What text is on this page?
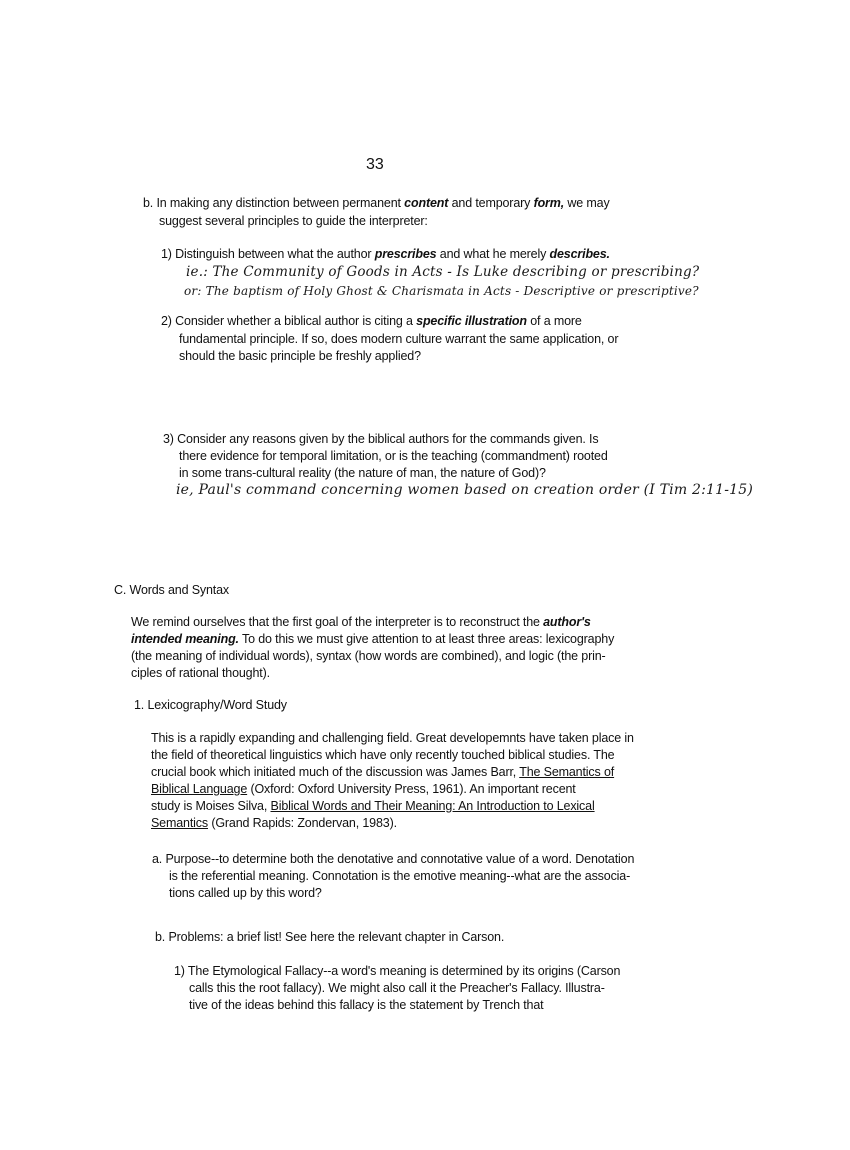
33
b. In making any distinction between permanent content and temporary form, we may
suggest several principles to guide the interpreter:
1) Distinguish between what the author prescribes and what he merely describes.
ie.: The Community of Goods in Acts - Is Luke describing or prescribing?
or: The baptism of Holy Ghost & Charismata in Acts - Descriptive or prescriptive?
2) Consider whether a biblical author is citing a specific illustration of a more
fundamental principle. If so, does modern culture warrant the same application, or
should the basic principle be freshly applied?
3) Consider any reasons given by the biblical authors for the commands given. Is
there evidence for temporal limitation, or is the teaching (commandment) rooted
in some trans-cultural reality (the nature of man, the nature of God)?
ie, Paul's command concerning women based on creation order (I Tim 2:11-15)
C. Words and Syntax
We remind ourselves that the first goal of the interpreter is to reconstruct the author's
intended meaning. To do this we must give attention to at least three areas: lexicography
(the meaning of individual words), syntax (how words are combined), and logic (the prin-
ciples of rational thought).
1. Lexicography/Word Study
This is a rapidly expanding and challenging field. Great developemnts have taken place in
the field of theoretical linguistics which have only recently touched biblical studies. The
crucial book which initiated much of the discussion was James Barr, The Semantics of
Biblical Language (Oxford: Oxford University Press, 1961). An important recent
study is Moises Silva, Biblical Words and Their Meaning: An Introduction to Lexical
Semantics (Grand Rapids: Zondervan, 1983).
a. Purpose--to determine both the denotative and connotative value of a word. Denotation
is the referential meaning. Connotation is the emotive meaning--what are the associa-
tions called up by this word?
b. Problems: a brief list! See here the relevant chapter in Carson.
1) The Etymological Fallacy--a word's meaning is determined by its origins (Carson
calls this the root fallacy). We might also call it the Preacher's Fallacy. Illustra-
tive of the ideas behind this fallacy is the statement by Trench that
